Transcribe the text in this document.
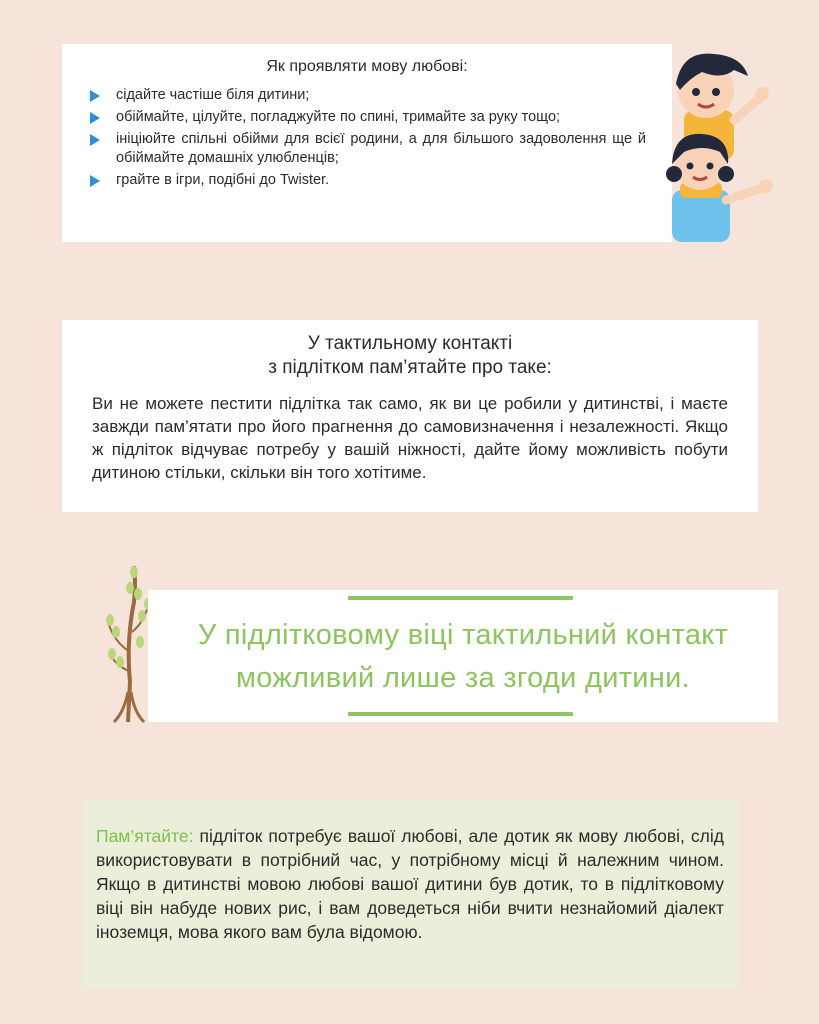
Як проявляти мову любові:
сідайте частіше біля дитини;
обіймайте, цілуйте, погладжуйте по спині, тримайте за руку тощо;
ініціюйте спільні обійми для всієї родини, а для більшого задоволення ще й обіймайте домашніх улюбленців;
грайте в ігри, подібні до Twister.
У тактильному контакті
з підлітком пам’ятайте про таке:

Ви не можете пестити підлітка так само, як ви це робили у дитинстві, і маєте завжди пам’ятати про його прагнення до самовизначення і незалежності. Якщо ж підліток відчуває потребу у вашій ніжності, дайте йому можливість побути дитиною стільки, скільки він того хотітиме.

У підлітковому віці тактильний контакт
можливий лише за згоди дитини.

Пам’ятайте: підліток потребує вашої любові, але дотик як мову любові, слід використовувати в потрібний час, у потрібному місці й належним чином. Якщо в дитинстві мовою любові вашої дитини був дотик, то в підлітковому віці він набуде нових рис, і вам доведеться ніби вчити незнайомий діалект іноземця, мова якого вам була відомою.
